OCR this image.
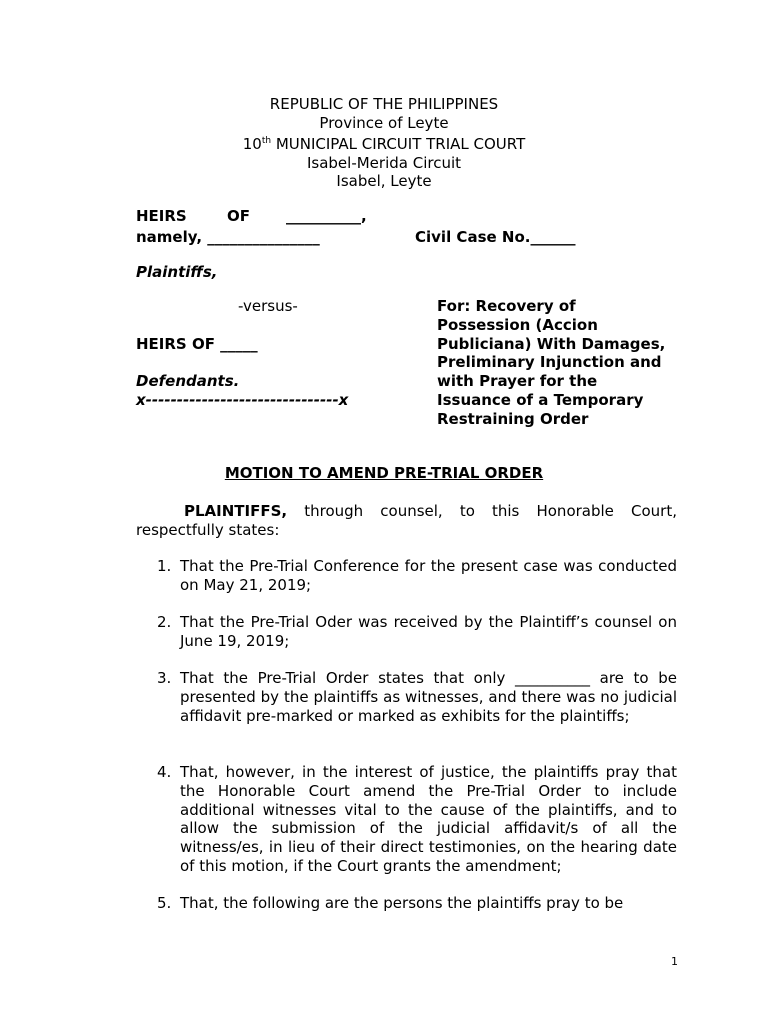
REPUBLIC OF THE PHILIPPINES
Province of Leyte
10th MUNICIPAL CIRCUIT TRIAL COURT
Isabel-Merida Circuit
Isabel, Leyte
HEIRS	OF __________,
namely, _______________	Civil Case No.______
Plaintiffs,
-versus-
HEIRS OF _____
Defendants.
x-------------------------------x
For: Recovery of
Possession (Accion
Publiciana) With Damages,
Preliminary Injunction and
with Prayer for the
Issuance of a Temporary
Restraining Order
MOTION TO AMEND PRE-TRIAL ORDER
PLAINTIFFS, through counsel, to this Honorable Court, respectfully states:
1. That the Pre-Trial Conference for the present case was conducted on May 21, 2019;
2. That the Pre-Trial Oder was received by the Plaintiff’s counsel on June 19, 2019;
3. That the Pre-Trial Order states that only __________ are to be presented by the plaintiffs as witnesses, and there was no judicial affidavit pre-marked or marked as exhibits for the plaintiffs;
4. That, however, in the interest of justice, the plaintiffs pray that the Honorable Court amend the Pre-Trial Order to include additional witnesses vital to the cause of the plaintiffs, and to allow the submission of the judicial affidavit/s of all the witness/es, in lieu of their direct testimonies, on the hearing date of this motion, if the Court grants the amendment;
5. That, the following are the persons the plaintiffs pray to be
1
